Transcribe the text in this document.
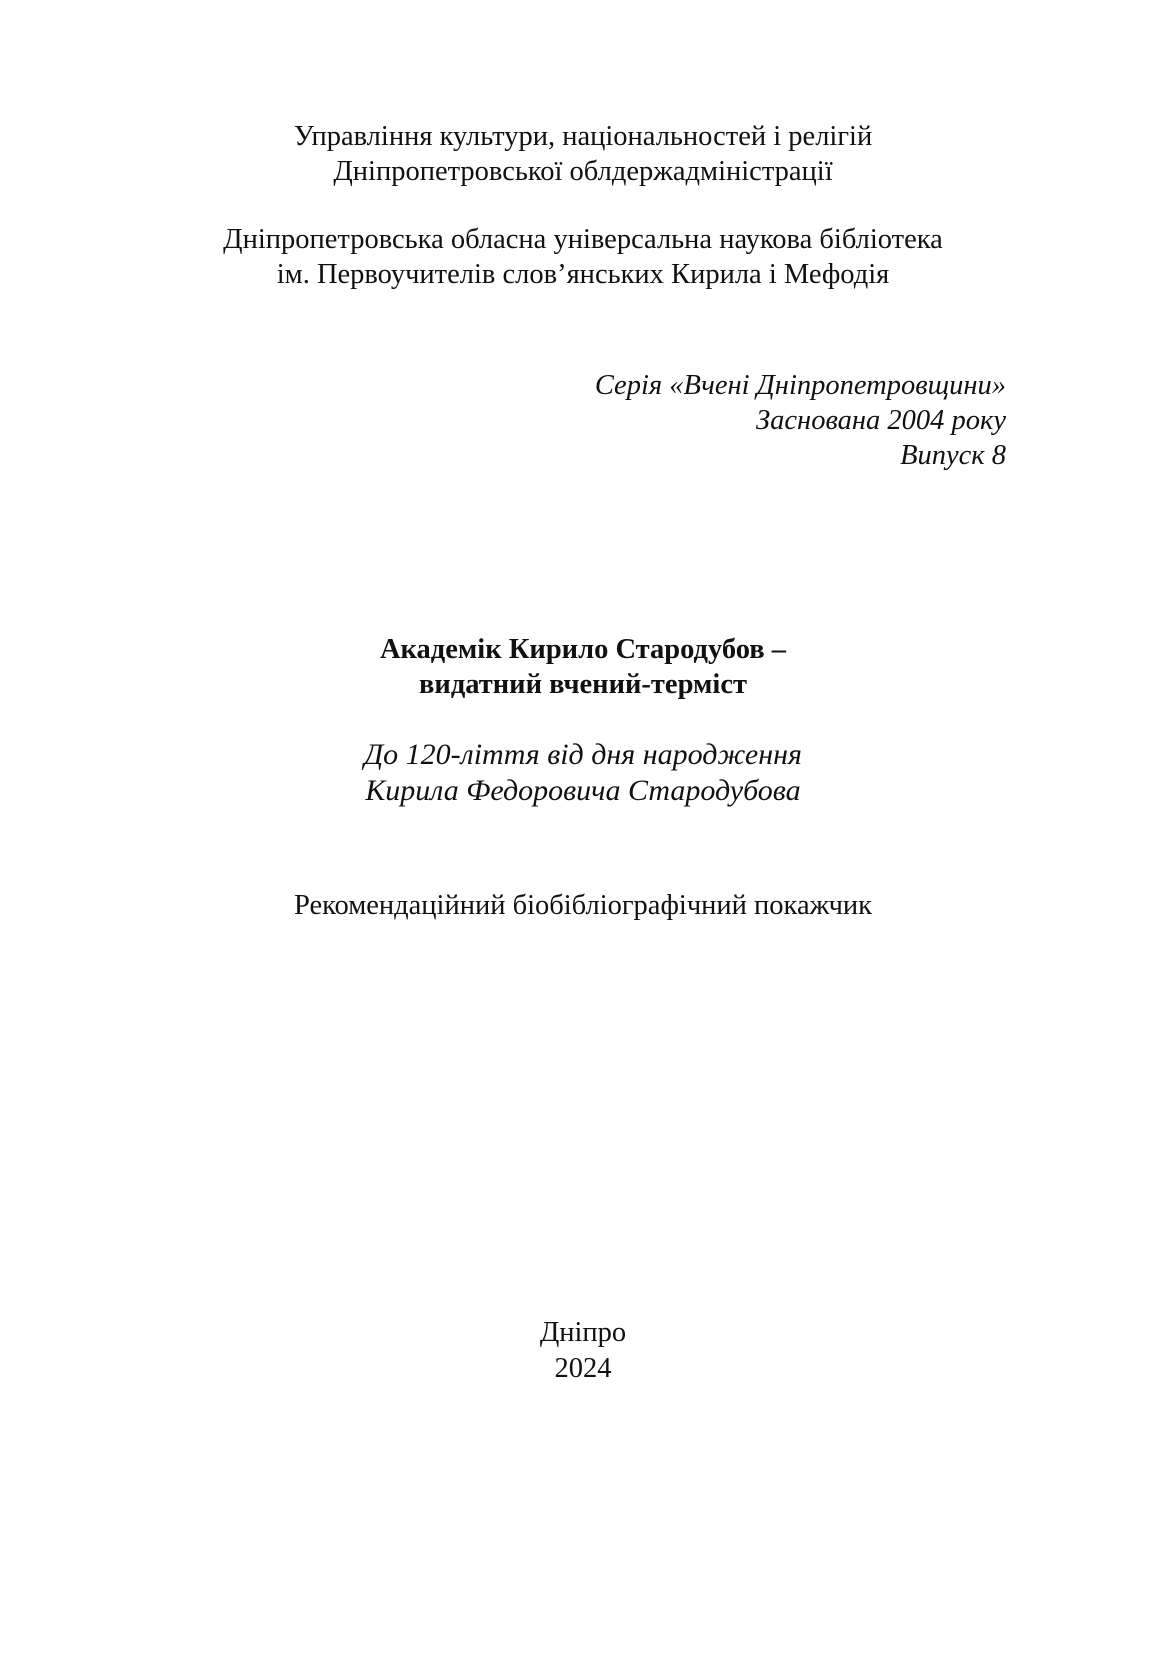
Управління культури, національностей і релігій
Дніпропетровської облдержадміністрації
Дніпропетровська обласна універсальна наукова бібліотека
ім. Первоучителів слов’янських Кирила і Мефодія
Серія «Вчені Дніпропетровщини»
Заснована 2004 року
Випуск 8
Академік Кирило Стародубов –
видатний вчений-терміст
До 120-ліття від дня народження
Кирила Федоровича Стародубова
Рекомендаційний біобібліографічний покажчик
Дніпро
2024
